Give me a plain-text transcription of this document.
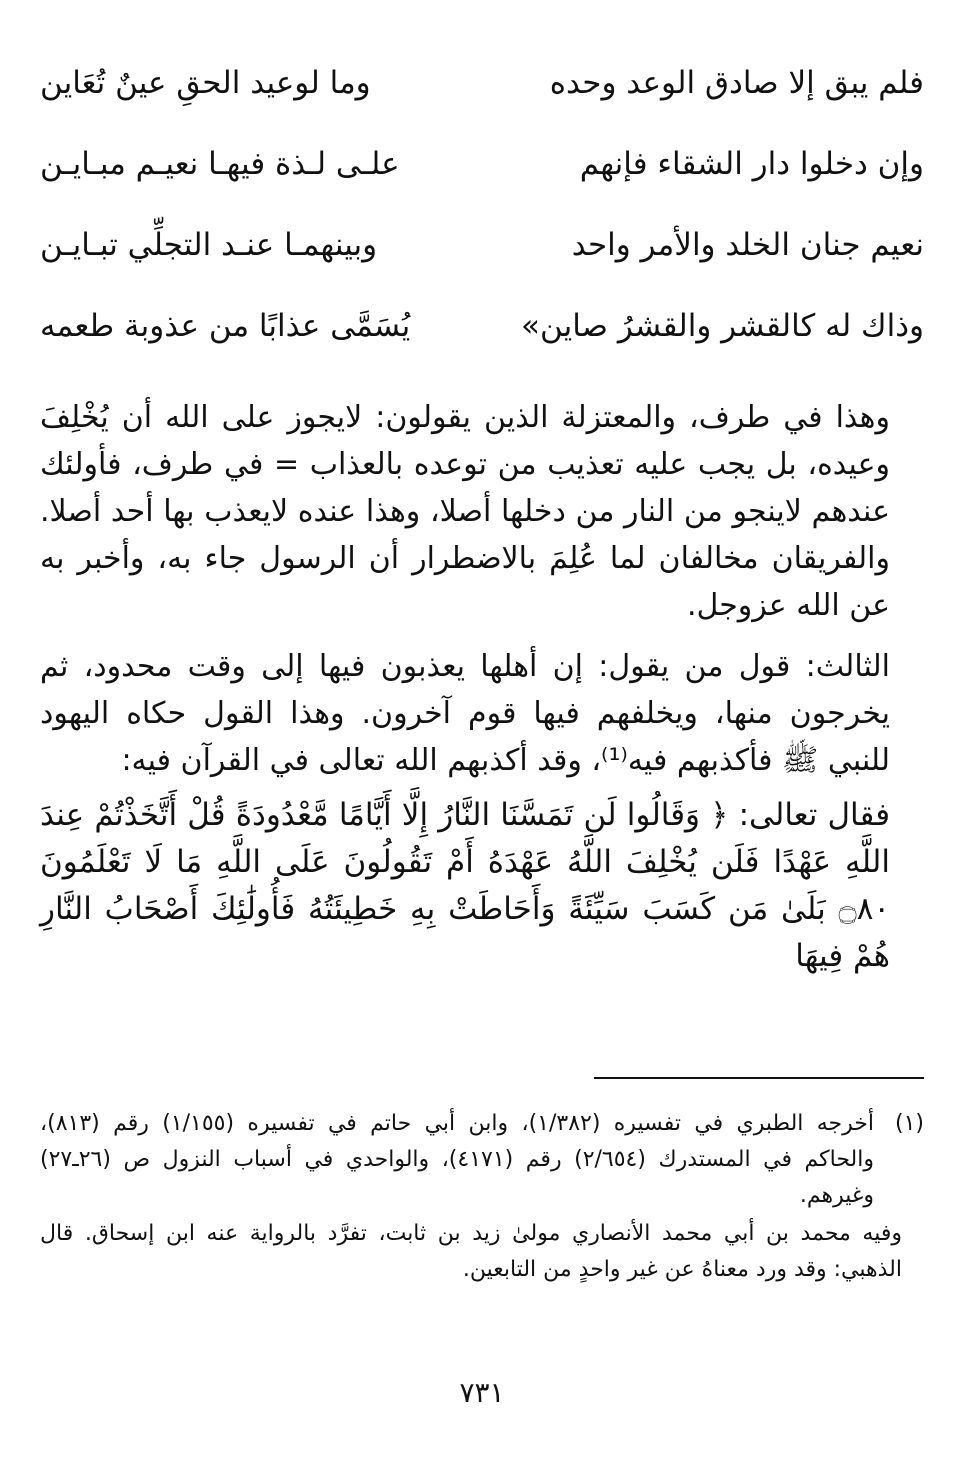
فلم يبق إلا صادق الوعد وحده
وما لوعيد الحقِ عينٌ تُعَاين
وإن دخلوا دار الشقاء فإنهم
علـى لـذة فيهـا نعيـم مبـايـن
نعيم جنان الخلد والأمر واحد
وبينهمـا عنـد التجلِّي تبـايـن
وذاك له كالقشر والقشرُ صاين»
يُسَمَّى عذابًا من عذوبة طعمه

وهذا في طرف، والمعتزلة الذين يقولون: لايجوز على الله أن يُخْلِفَ وعيده، بل يجب عليه تعذيب من توعده بالعذاب = في طرف، فأولئك عندهم لاينجو من النار من دخلها أصلا، وهذا عنده لايعذب بها أحد أصلا. والفريقان مخالفان لما عُلِمَ بالاضطرار أن الرسول جاء به، وأخبر به عن الله عزوجل.

الثالث: قول من يقول: إن أهلها يعذبون فيها إلى وقت محدود، ثم يخرجون منها، ويخلفهم فيها قوم آخرون. وهذا القول حكاه اليهود للنبي ﷺ فأكذبهم فيه⁽¹⁾، وقد أكذبهم الله تعالى في القرآن فيه:

فقال تعالى: ﴿ وَقَالُوا لَن تَمَسَّنَا النَّارُ إِلَّا أَيَّامًا مَّعْدُودَةً قُلْ أَتَّخَذْتُمْ عِندَ اللَّهِ عَهْدًا فَلَن يُخْلِفَ اللَّهُ عَهْدَهُ أَمْ تَقُولُونَ عَلَى اللَّهِ مَا لَا تَعْلَمُونَ ۝٨٠ بَلَىٰ مَن كَسَبَ سَيِّئَةً وَأَحَاطَتْ بِهِ خَطِيئَتُهُ فَأُولَٰئِكَ أَصْحَابُ النَّارِ هُمْ فِيهَا

(١)
أخرجه الطبري في تفسيره (١/٣٨٢)، وابن أبي حاتم في تفسيره (١/١٥٥) رقم (٨١٣)، والحاكم في المستدرك (٢/٦٥٤) رقم (٤١٧١)، والواحدي في أسباب النزول ص (٢٦ـ٢٧) وغيرهم.
وفيه محمد بن أبي محمد الأنصاري مولىٰ زيد بن ثابت، تفرَّد بالرواية عنه ابن إسحاق. قال الذهبي: وقد ورد معناهُ عن غير واحدٍ من التابعين.
٧٣١
